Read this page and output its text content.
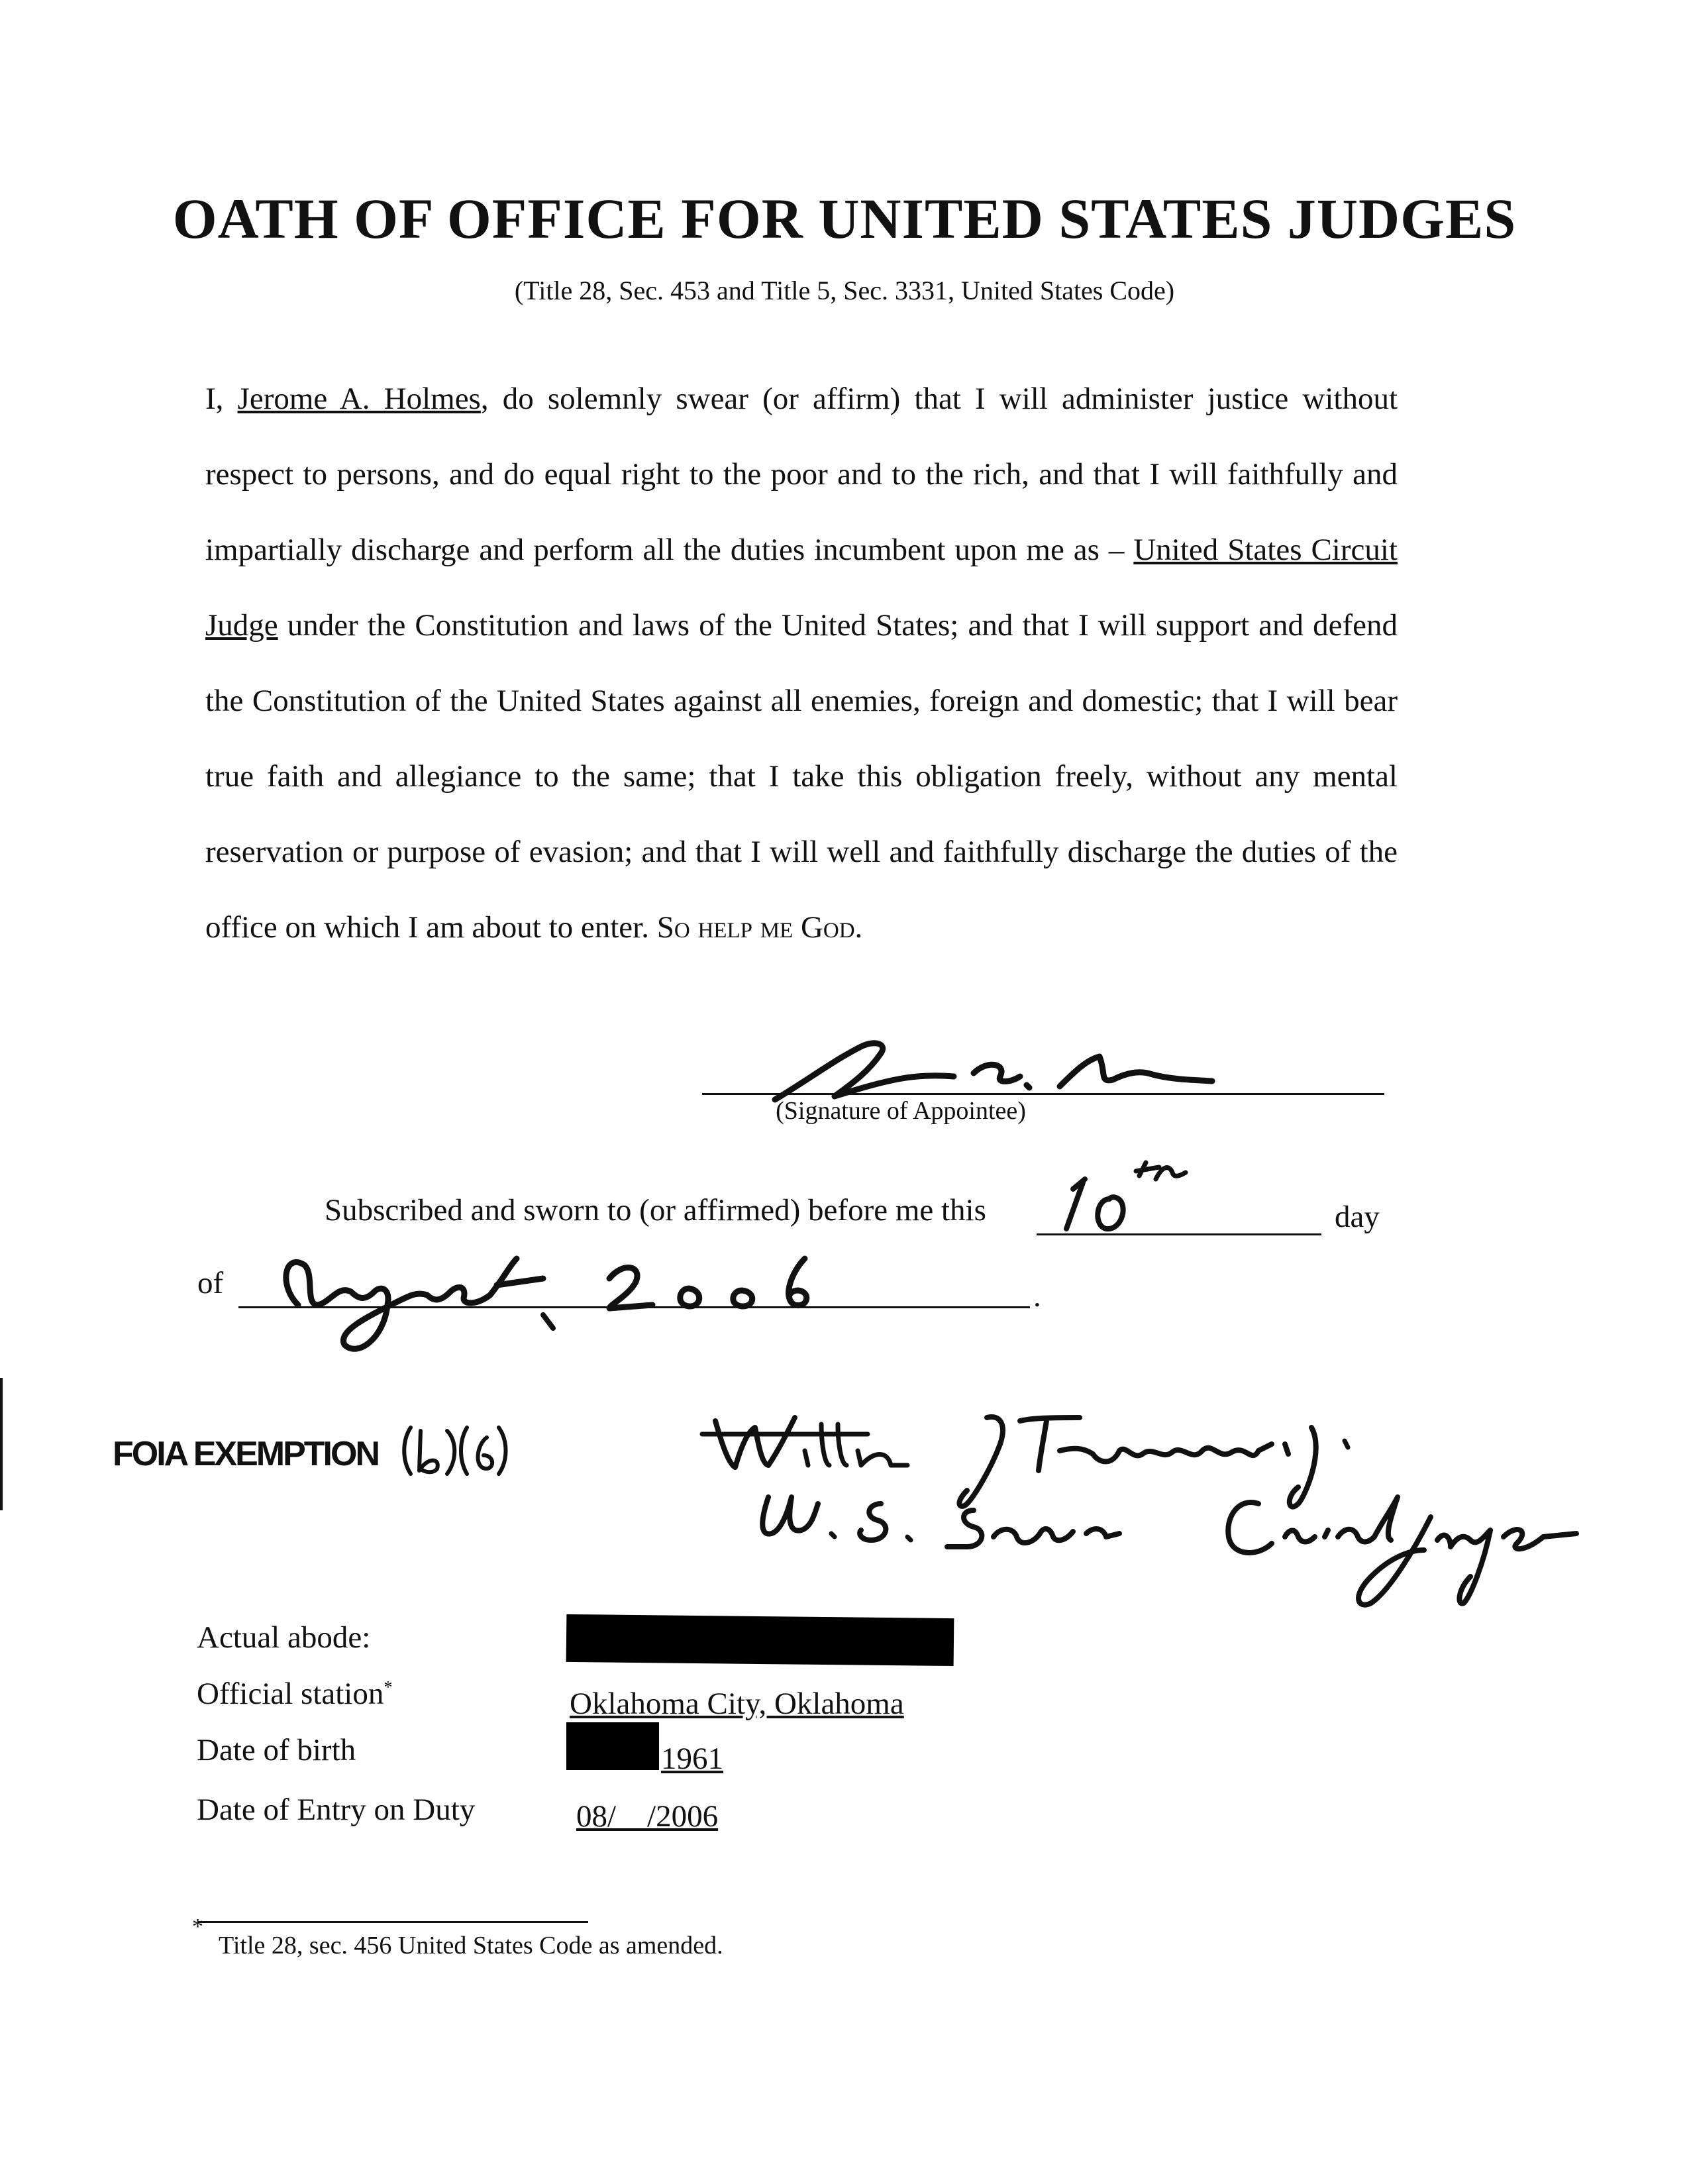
OATH OF OFFICE FOR UNITED STATES JUDGES
(Title 28, Sec. 453 and Title 5, Sec. 3331, United States Code)
I, Jerome A. Holmes, do solemnly swear (or affirm) that I will administer justice without respect to persons, and do equal right to the poor and to the rich, and that I will faithfully and impartially discharge and perform all the duties incumbent upon me as – United States Circuit Judge under the Constitution and laws of the United States; and that I will support and defend the Constitution of the United States against all enemies, foreign and domestic; that I will bear true faith and allegiance to the same; that I take this obligation freely, without any mental reservation or purpose of evasion; and that I will well and faithfully discharge the duties of the office on which I am about to enter. So help me God.
(Signature of Appointee)
Subscribed and sworn to (or affirmed) before me this	day
of	.
FOIA EXEMPTION
Actual abode:
Official station*	Oklahoma City, Oklahoma
Date of birth	1961
Date of Entry on Duty	08/    /2006
*
Title 28, sec. 456 United States Code as amended.
